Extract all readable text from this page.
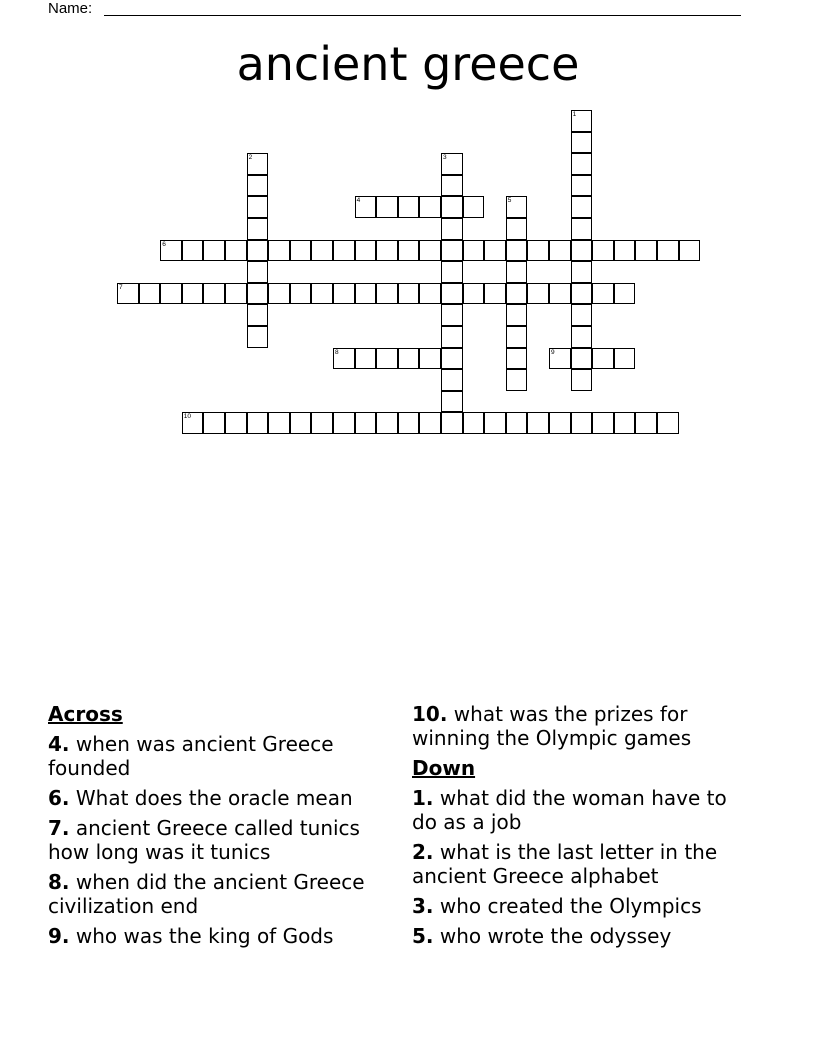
Name:
ancient greece
4
6
7
8	9
10
1
2	3
5
Across
4. when was ancient Greece founded
6. What does the oracle mean
7. ancient Greece called tunics how long was it tunics
8. when did the ancient Greece civilization end
9. who was the king of Gods
10. what was the prizes for winning the Olympic games
Down
1. what did the woman have to do as a job
2. what is the last letter in the ancient Greece alphabet
3. who created the Olympics
5. who wrote the odyssey
